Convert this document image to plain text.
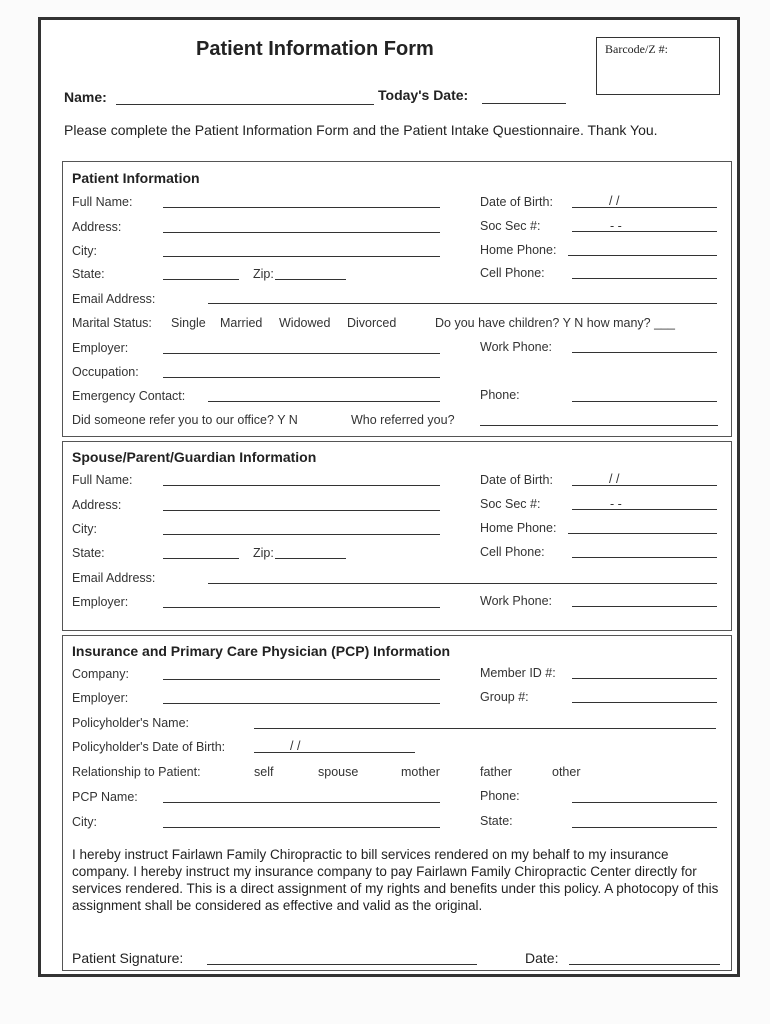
Patient Information Form	Barcode/Z #:
Name:	Today's Date:
Please complete the Patient Information Form and the Patient Intake Questionnaire. Thank You.
Patient Information
Full Name:	Date of Birth:	/ /
Address:	Soc Sec #:	- -
City:	Home Phone:
State:	Zip:	Cell Phone:
Email Address:
Marital Status: Single Married Widowed Divorced	Do you have children? Y N how many? ___
Employer:	Work Phone:
Occupation:
Emergency Contact:	Phone:
Did someone refer you to our office? Y N	Who referred you?
Spouse/Parent/Guardian Information
Full Name:	Date of Birth:	/ /
Address:	Soc Sec #:	- -
City:	Home Phone:
State:	Zip:	Cell Phone:
Email Address:
Employer:	Work Phone:
Insurance and Primary Care Physician (PCP) Information
Company:	Member ID #:
Employer:	Group #:
Policyholder's Name:
Policyholder's Date of Birth:	/ /
Relationship to Patient:	self	spouse	mother	father	other
PCP Name:	Phone:
City:	State:
I hereby instruct Fairlawn Family Chiropractic to bill services rendered on my behalf to my insurance company. I hereby instruct my insurance company to pay Fairlawn Family Chiropractic Center directly for services rendered. This is a direct assignment of my rights and benefits under this policy. A photocopy of this assignment shall be considered as effective and valid as the original.
Patient Signature:	Date:
